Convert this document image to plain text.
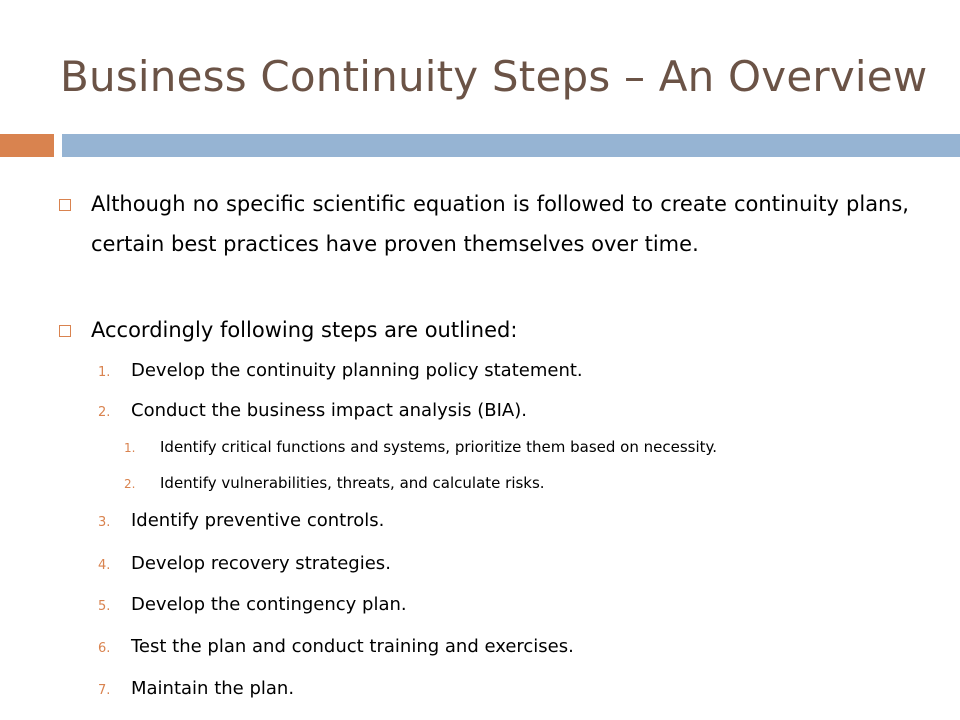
Business Continuity Steps – An Overview
Although no specific scientific equation is followed to create continuity plans, certain best practices have proven themselves over time.
Accordingly following steps are outlined:
1.	Develop the continuity planning policy statement.
2.	Conduct the business impact analysis (BIA).
1.	Identify critical functions and systems, prioritize them based on necessity.
2.	Identify vulnerabilities, threats, and calculate risks.
3.	Identify preventive controls.
4.	Develop recovery strategies.
5.	Develop the contingency plan.
6.	Test the plan and conduct training and exercises.
7.	Maintain the plan.
